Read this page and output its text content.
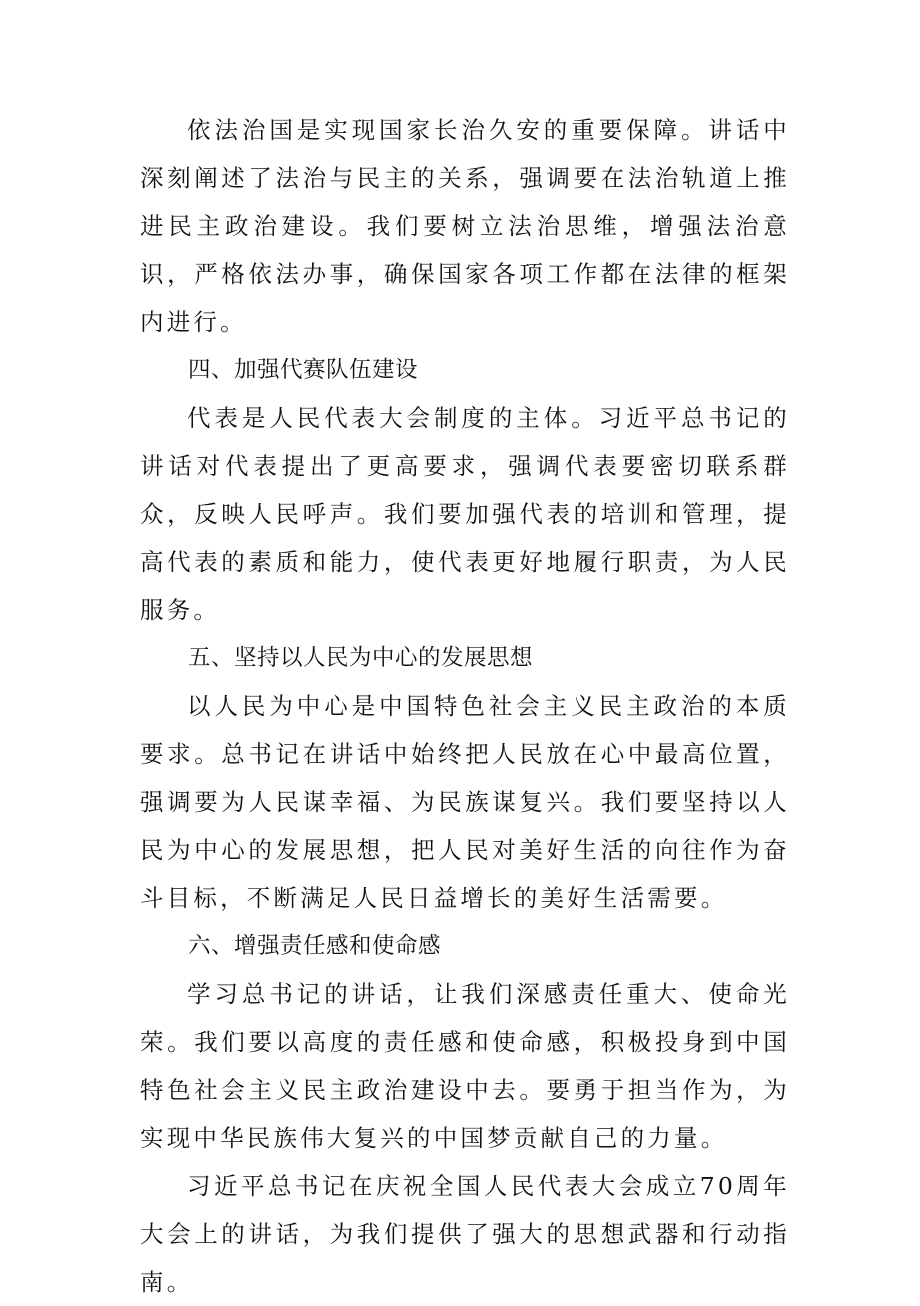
依法治国是实现国家长治久安的重要保障。讲话中深刻阐述了法治与民主的关系，强调要在法治轨道上推进民主政治建设。我们要树立法治思维，增强法治意识，严格依法办事，确保国家各项工作都在法律的框架内进行。

四、加强代赛队伍建设

代表是人民代表大会制度的主体。习近平总书记的讲话对代表提出了更高要求，强调代表要密切联系群众，反映人民呼声。我们要加强代表的培训和管理，提高代表的素质和能力，使代表更好地履行职责，为人民服务。

五、坚持以人民为中心的发展思想

以人民为中心是中国特色社会主义民主政治的本质要求。总书记在讲话中始终把人民放在心中最高位置，强调要为人民谋幸福、为民族谋复兴。我们要坚持以人民为中心的发展思想，把人民对美好生活的向往作为奋斗目标，不断满足人民日益增长的美好生活需要。

六、增强责任感和使命感

学习总书记的讲话，让我们深感责任重大、使命光荣。我们要以高度的责任感和使命感，积极投身到中国特色社会主义民主政治建设中去。要勇于担当作为，为实现中华民族伟大复兴的中国梦贡献自己的力量。

习近平总书记在庆祝全国人民代表大会成立70周年大会上的讲话，为我们提供了强大的思想武器和行动指南。
